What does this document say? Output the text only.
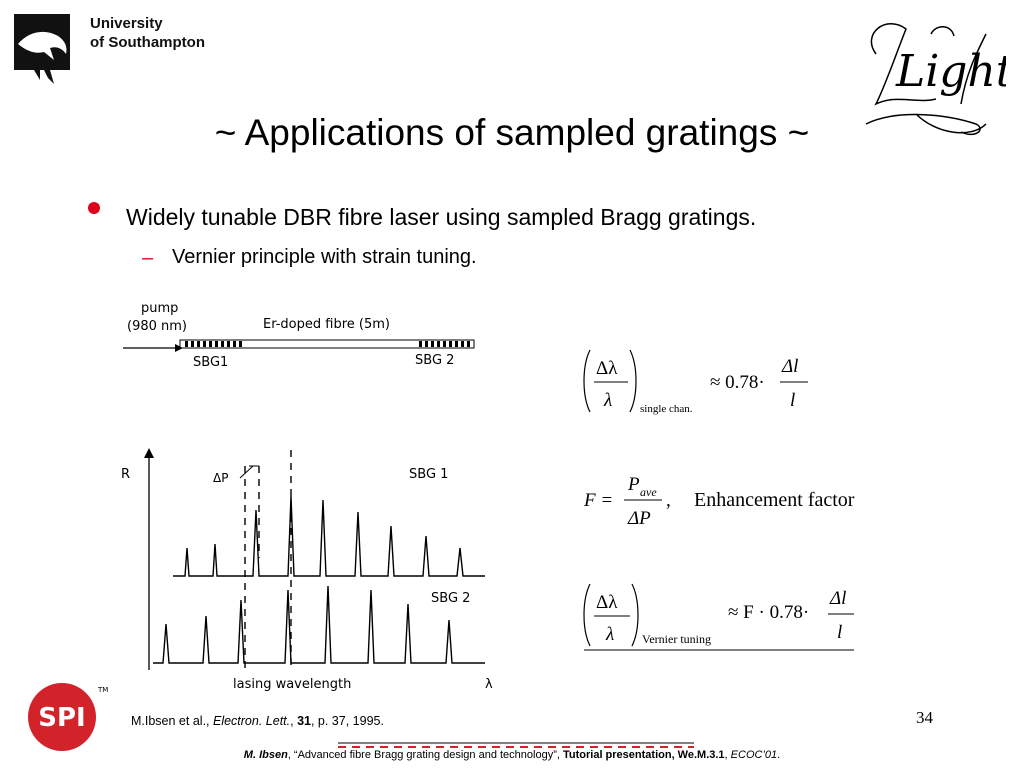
University
of Southampton
Light
~ Applications of sampled gratings ~
Widely tunable DBR fibre laser using sampled Bragg gratings.
– Vernier principle with strain tuning.
pump
(980 nm)	Er-doped fibre (5m)
SBG1	SBG 2
R	ΔP	SBG 1
SBG 2
lasing wavelength	λ
Δλ
λ	single chan.
≈ 0.78·
Δl
l
F =
P ave
ΔP
, Enhancement factor
Δλ
λ Vernier tuning
≈ F · 0.78·
Δl
l
SPI
TM
M.Ibsen et al., Electron. Lett., 31, p. 37, 1995.	34
M. Ibsen, “Advanced fibre Bragg grating design and technology”, Tutorial presentation, We.M.3.1, ECOC’01.
